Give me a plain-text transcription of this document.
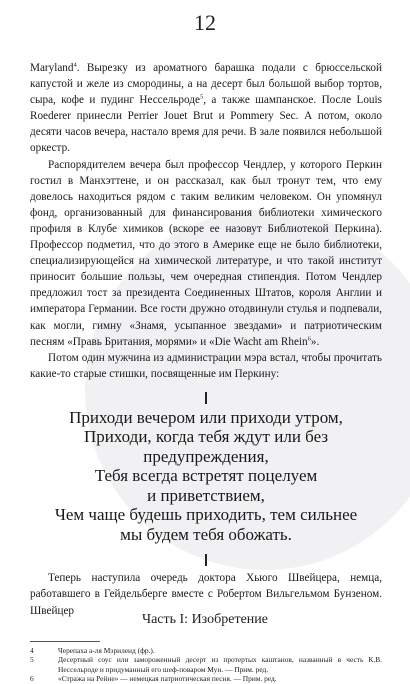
12

Maryland$^4$. Вырезку из ароматного барашка подали с брюссельской капустой и желе из смородины, а на десерт был большой выбор тортов, сыра, кофе и пудинг Нессельроде$^5$, а также шампанское. После Louis Roederer принесли Perrier Jouet Brut и Pommery Sec. А потом, около десяти часов вечера, настало время для речи. В зале появился небольшой оркестр.

Распорядителем вечера был профессор Чендлер, у которого Перкин гостил в Манхэттене, и он рассказал, как был тронут тем, что ему довелось находиться рядом с таким великим человеком. Он упомянул фонд, организованный для финансирования библиотеки химического профиля в Клубе химиков (вскоре ее назовут Библиотекой Перкина). Профессор подметил, что до этого в Америке еще не было библиотеки, специализирующейся на химической литературе, и что такой институт приносит большие пользы, чем очередная стипендия. Потом Чендлер предложил тост за президента Соединенных Штатов, короля Англии и императора Германии. Все гости дружно отодвинули стулья и подпевали, как могли, гимну «Знамя, усыпанное звездами» и патриотическим песням «Правь Британия, морями» и «Die Wacht am Rhein$^6$».

Потом один мужчина из администрации мэра встал, чтобы прочитать какие-то старые стишки, посвященные им Перкину:

Приходи вечером или приходи утром,
Приходи, когда тебя ждут или без
предупреждения,
Тебя всегда встретят поцелуем
и приветствием,
Чем чаще будешь приходить, тем сильнее
мы будем тебя обожать.

Теперь наступила очередь доктора Хьюго Швейцера, немца, работавшего в Гейдельберге вместе с Робертом Вильгельмом Бунзеном. Швейцер

4	Черепаха а-ля Мэриленд (фр.).
5	Десертный соус или замороженный десерт из протертых каштанов, названный в честь К.В. Нессельроде и придуманный его шеф-поваром Мун. — Прим. ред.
6	«Стража на Рейне» — немецкая патриотическая песня. — Прим. ред.
Часть I: Изобретение
